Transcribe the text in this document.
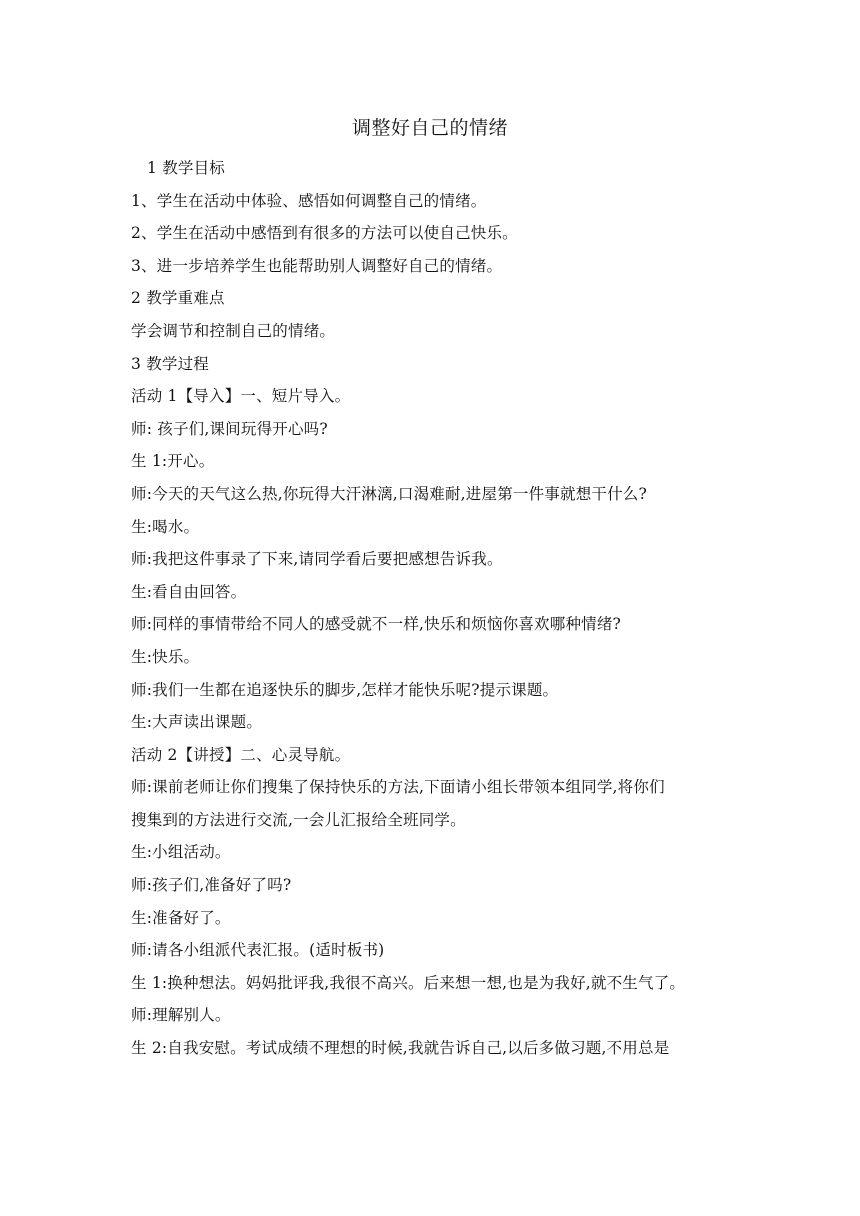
调整好自己的情绪
1 教学目标
1、学生在活动中体验、感悟如何调整自己的情绪。
2、学生在活动中感悟到有很多的方法可以使自己快乐。
3、进一步培养学生也能帮助别人调整好自己的情绪。
2 教学重难点
学会调节和控制自己的情绪。
3 教学过程
活动 1【导入】一、短片导入。
师: 孩子们,课间玩得开心吗?
生 1:开心。
师:今天的天气这么热,你玩得大汗淋漓,口渴难耐,进屋第一件事就想干什么?
生:喝水。
师:我把这件事录了下来,请同学看后要把感想告诉我。
生:看自由回答。
师:同样的事情带给不同人的感受就不一样,快乐和烦恼你喜欢哪种情绪?
生:快乐。
师:我们一生都在追逐快乐的脚步,怎样才能快乐呢?提示课题。
生:大声读出课题。
活动 2【讲授】二、心灵导航。
师:课前老师让你们搜集了保持快乐的方法,下面请小组长带领本组同学,将你们
搜集到的方法进行交流,一会儿汇报给全班同学。
生:小组活动。
师:孩子们,准备好了吗?
生:准备好了。
师:请各小组派代表汇报。(适时板书)
生 1:换种想法。妈妈批评我,我很不高兴。后来想一想,也是为我好,就不生气了。
师:理解别人。
生 2:自我安慰。考试成绩不理想的时候,我就告诉自己,以后多做习题,不用总是
